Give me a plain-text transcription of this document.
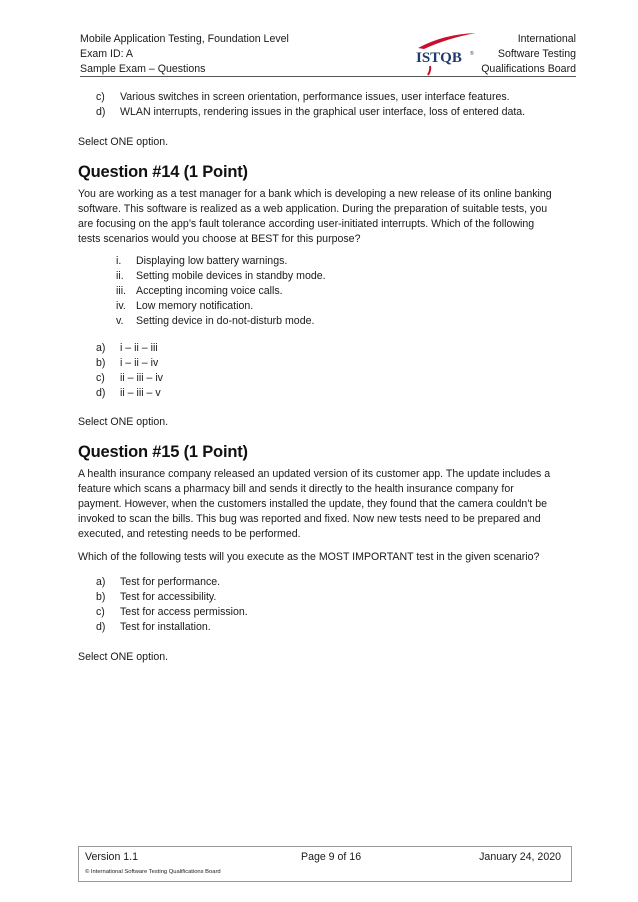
Mobile Application Testing, Foundation Level
Exam ID: A
Sample Exam – Questions
ISTQB ®
International
Software Testing
Qualifications Board
c)	Various switches in screen orientation, performance issues, user interface features.
d)	WLAN interrupts, rendering issues in the graphical user interface, loss of entered data.

Select ONE option.

Question #14 (1 Point)

You are working as a test manager for a bank which is developing a new release of its online banking software. This software is realized as a web application. During the preparation of suitable tests, you are focusing on the app’s fault tolerance according user-initiated interrupts. Which of the following tests scenarios would you choose at BEST for this purpose?

i.	Displaying low battery warnings.
ii.	Setting mobile devices in standby mode.
iii. Accepting incoming voice calls.
iv. Low memory notification.
v.	Setting device in do-not-disturb mode.
a)	i – ii – iii
b)	i – ii – iv
c)	ii – iii – iv
d)	ii – iii – v

Select ONE option.

Question #15 (1 Point)

A health insurance company released an updated version of its customer app. The update includes a feature which scans a pharmacy bill and sends it directly to the health insurance company for payment. However, when the customers installed the update, they found that the camera couldn't be invoked to scan the bills. This bug was reported and fixed. Now new tests need to be prepared and executed, and retesting needs to be performed.

Which of the following tests will you execute as the MOST IMPORTANT test in the given scenario?

a)	Test for performance.
b)	Test for accessibility.
c)	Test for access permission.
d)	Test for installation.

Select ONE option.

Version 1.1	Page 9 of 16	January 24, 2020
© International Software Testing Qualifications Board
